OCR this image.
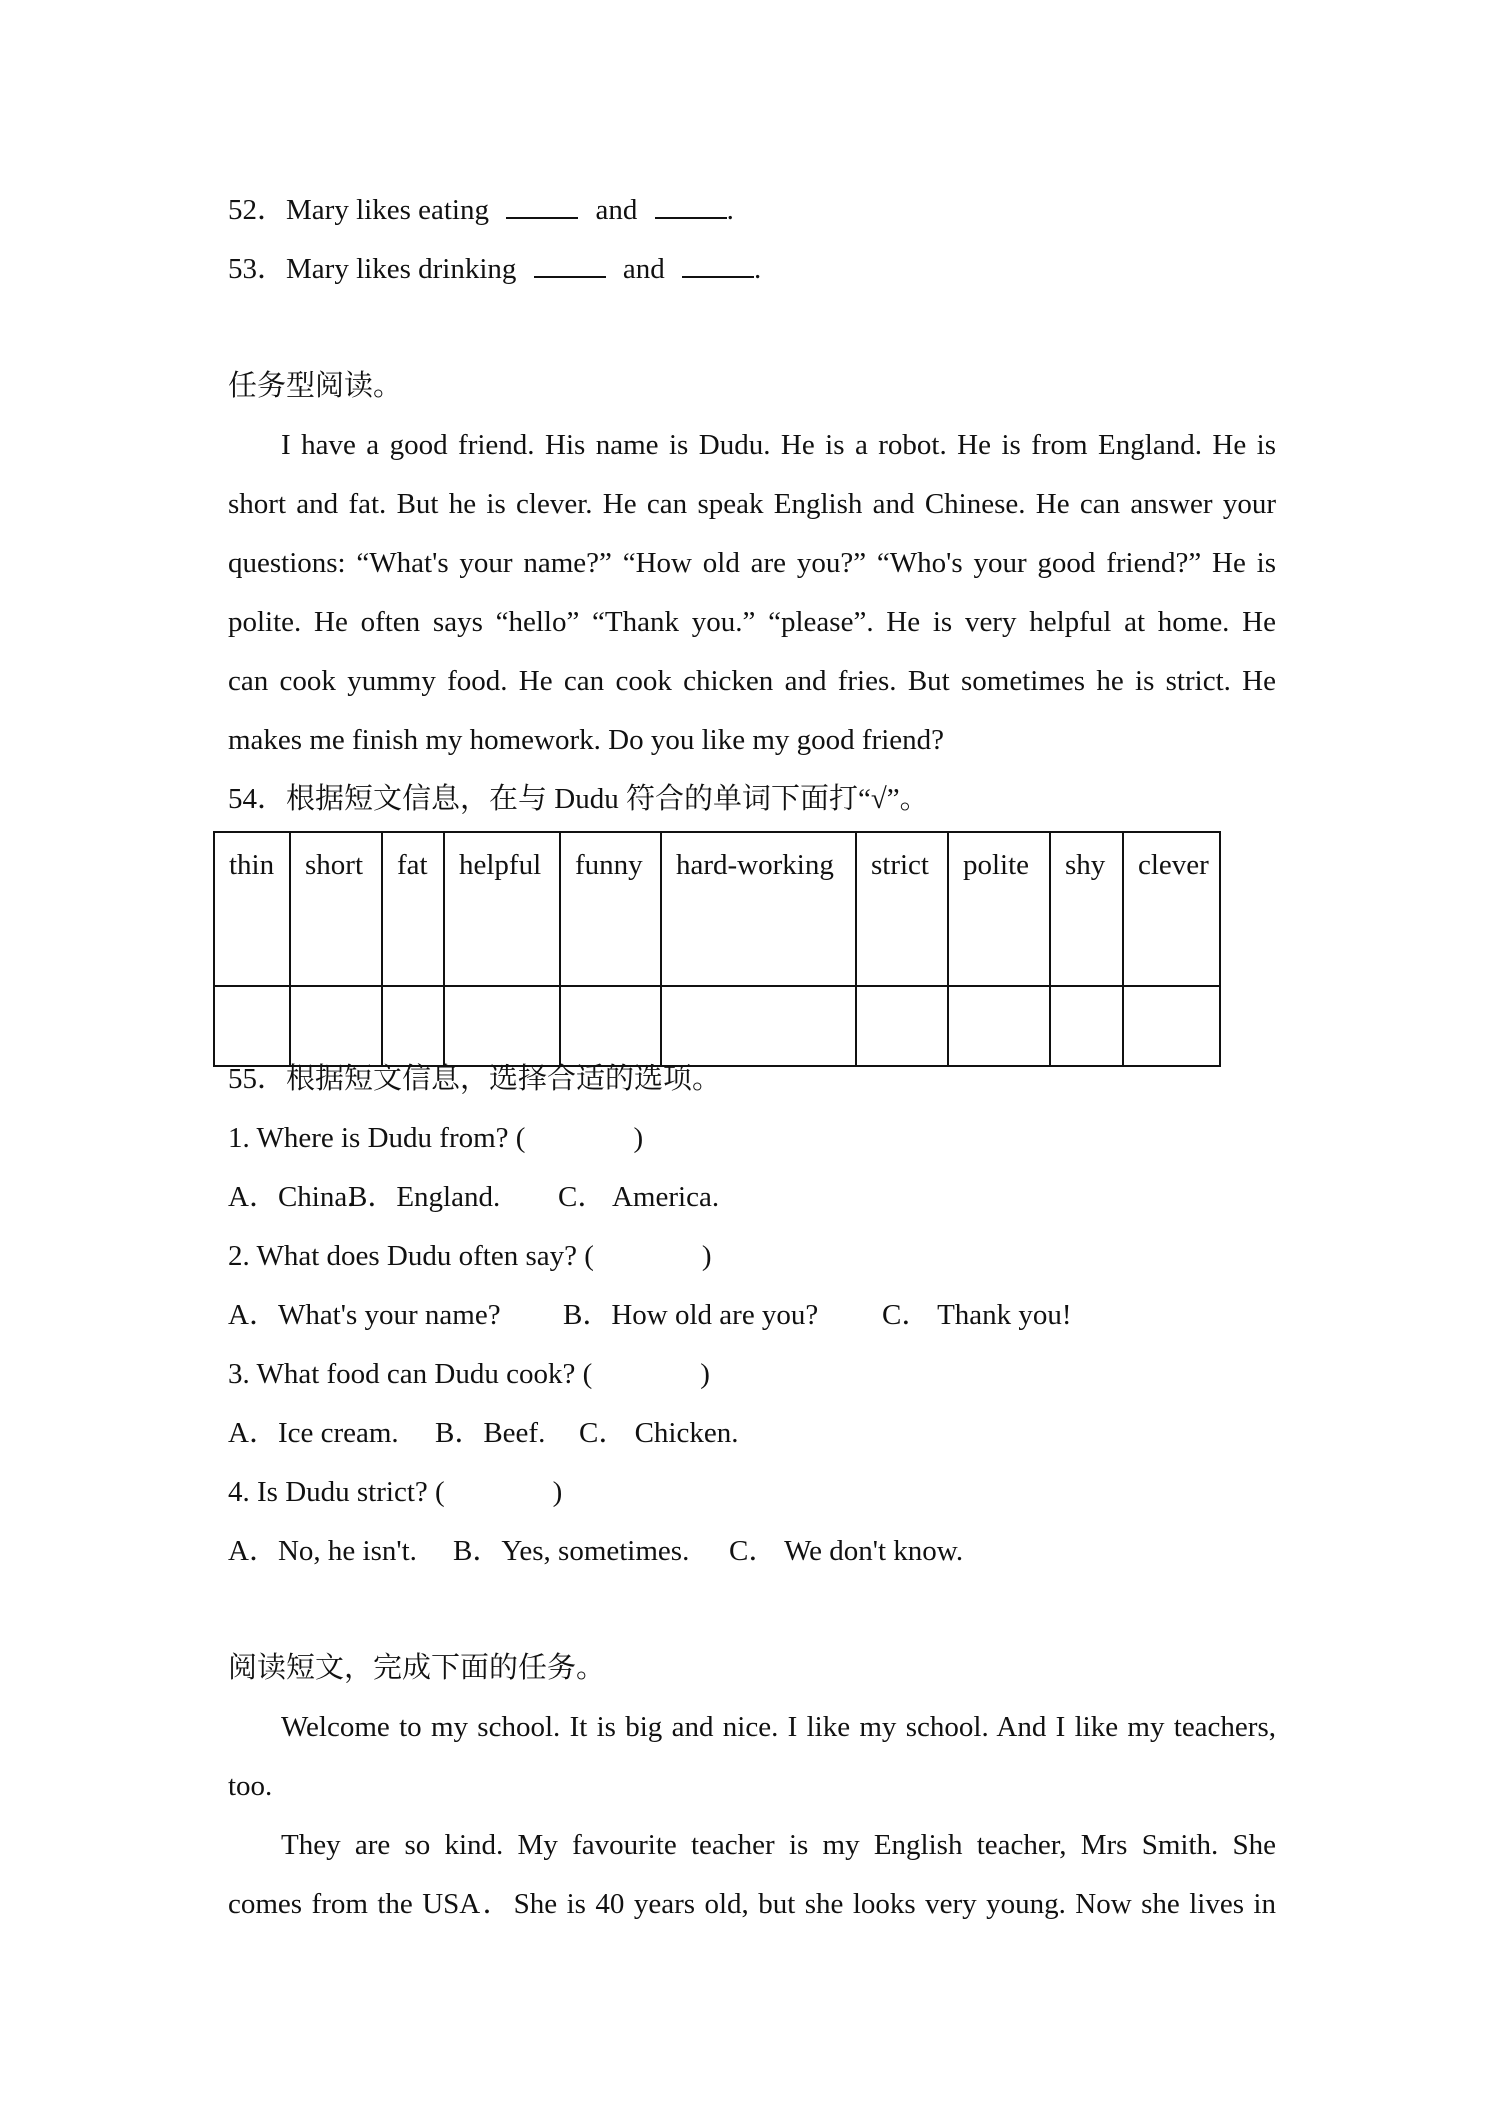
52．Mary likes eating	and	.
53．Mary likes drinking	and	.
任务型阅读。
I have a good friend. His name is Dudu. He is a robot. He is from England. He is
short and fat. But he is clever. He can speak English and Chinese. He can answer your
questions: “What's your name?” “How old are you?” “Who's your good friend?” He is
polite. He often says “hello” “Thank you.” “please”. He is very helpful at home. He
can cook yummy food. He can cook chicken and fries. But sometimes he is strict. He
makes me finish my homework. Do you like my good friend?
54．根据短文信息，在与 Dudu 符合的单词下面打“√”。
thin	short	fat	helpful	funny	hard-working	strict	polite	shy	clever

55．根据短文信息，选择合适的选项。
1. Where is Dudu from? (	)
A．China.B．England. C． America.
2. What does Dudu often say? (	)
A．What's your name? B．How old are you? C． Thank you!
3. What food can Dudu cook? (	)
A．Ice cream. B．Beef. C． Chicken.
4. Is Dudu strict? (	)
A．No, he isn't. B．Yes, sometimes. C． We don't know.
阅读短文，完成下面的任务。
Welcome to my school. It is big and nice. I like my school. And I like my teachers,
too.
They are so kind. My favourite teacher is my English teacher, Mrs Smith. She
comes from the USA．She is 40 years old, but she looks very young. Now she lives in
